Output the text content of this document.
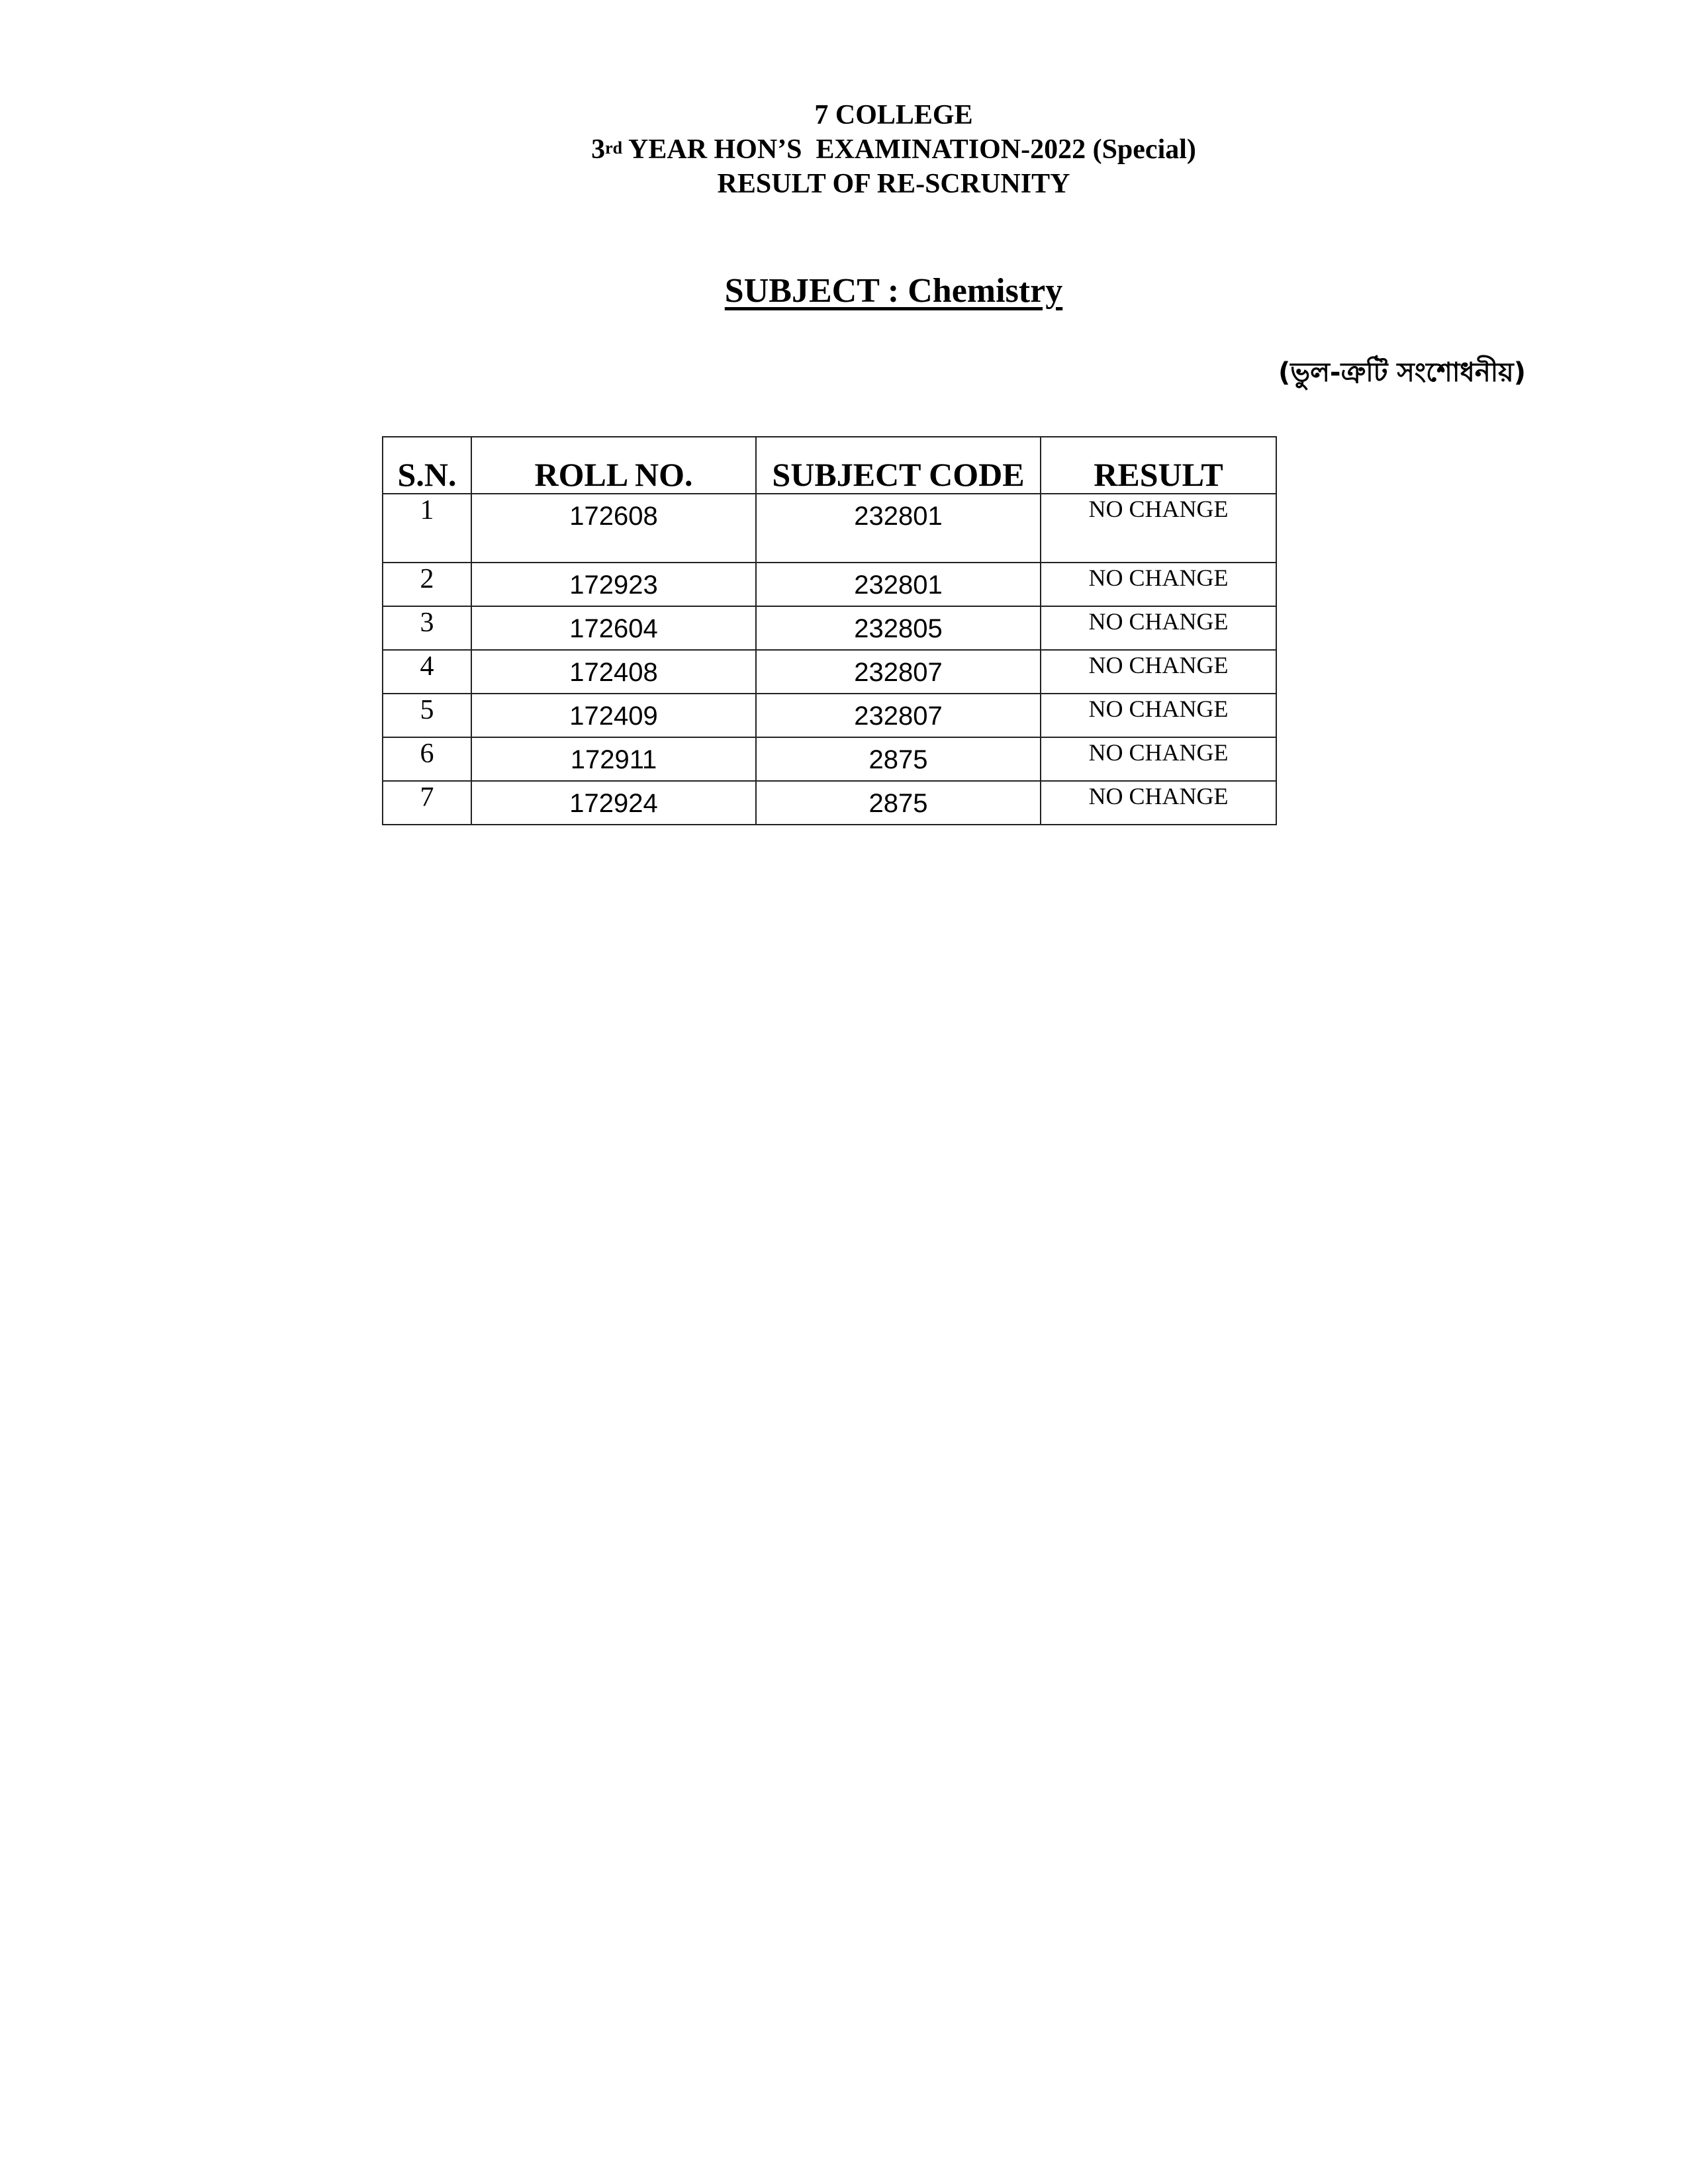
7 COLLEGE
3rd YEAR HON’S  EXAMINATION-2022 (Special)
RESULT OF RE-SCRUNITY
SUBJECT : Chemistry
(ভুল-ত্রুটি সংশোধনীয়)
S.N.	ROLL NO.	SUBJECT CODE	RESULT
1	172608	232801	NO CHANGE
2	172923	232801	NO CHANGE
3	172604	232805	NO CHANGE
4	172408	232807	NO CHANGE
5	172409	232807	NO CHANGE
6	172911	2875	NO CHANGE
7	172924	2875	NO CHANGE
